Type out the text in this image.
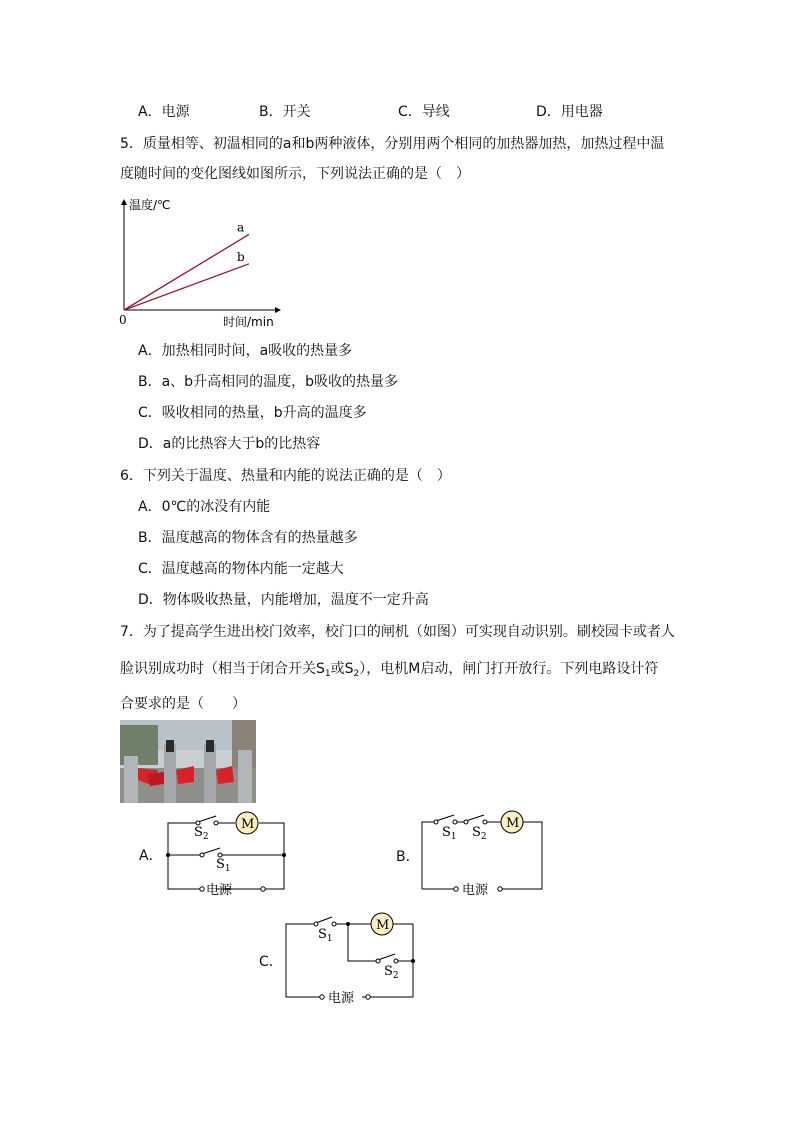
A．电源	B．开关	C．导线	D．用电器
5．质量相等、初温相同的a和b两种液体，分别用两个相同的加热器加热，加热过程中温
度随时间的变化图线如图所示，下列说法正确的是（　）
温度/℃
时间/min
0
a
b
A．加热相同时间，a吸收的热量多
B．a、b升高相同的温度，b吸收的热量多
C．吸收相同的热量，b升高的温度多
D．a的比热容大于b的比热容
6．下列关于温度、热量和内能的说法正确的是（　）
A．0℃的冰没有内能
B．温度越高的物体含有的热量越多
C．温度越高的物体内能一定越大
D．物体吸收热量，内能增加，温度不一定升高
7．为了提高学生进出校门效率，校门口的闸机（如图）可实现自动识别。刷校园卡或者人
脸识别成功时（相当于闭合开关$S_1$或$S_2$），电机M启动，闸门打开放行。下列电路设计符
合要求的是（　　）
A．
M
$S_2$
$S_1$
电源
B．
M
$S_1$ $S_2$
电源
C．
M
$S_1$
$S_2$
电源
